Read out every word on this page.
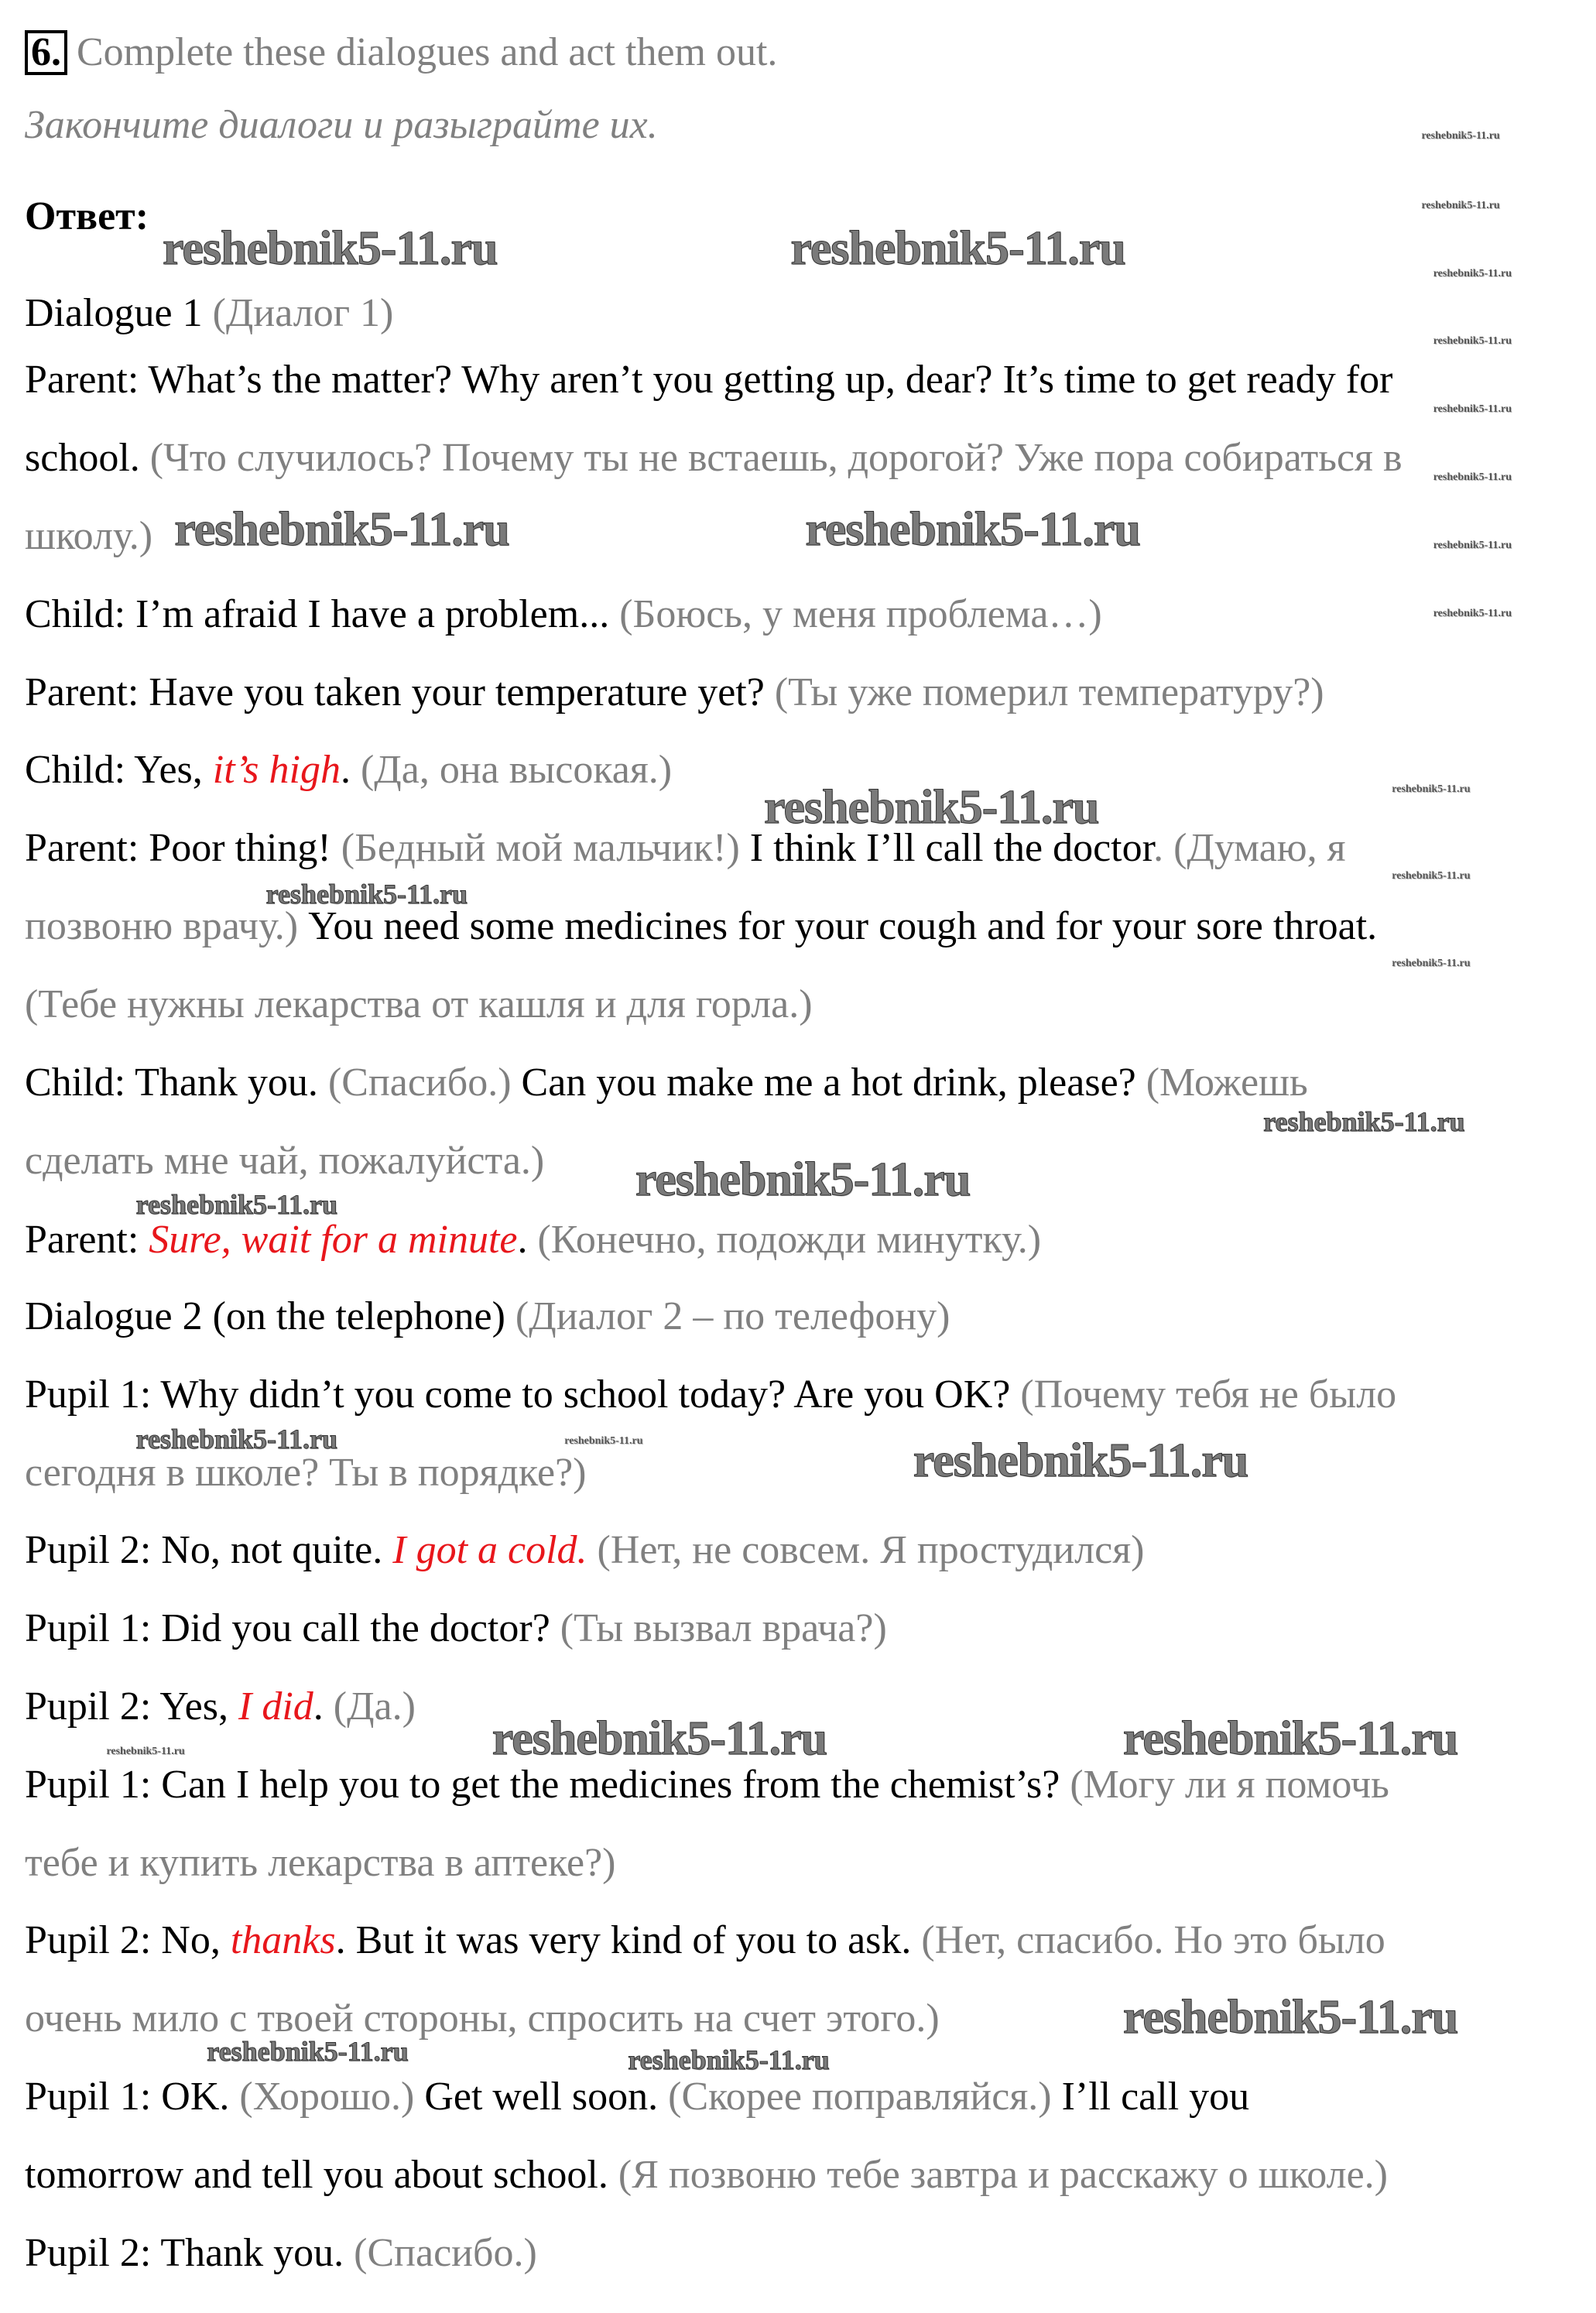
6. Complete these dialogues and act them out.
Закончите диалоги и разыграйте их.
Ответ:
Dialogue 1 (Диалог 1)
Parent: What’s the matter? Why aren’t you getting up, dear? It’s time to get ready for
school. (Что случилось? Почему ты не встаешь, дорогой? Уже пора собираться в
школу.)
Child: I’m afraid I have a problem... (Боюсь, у меня проблема…)
Parent: Have you taken your temperature yet? (Ты уже померил температуру?)
Child: Yes, it’s high. (Да, она высокая.)
Parent: Poor thing! (Бедный мой мальчик!) I think I’ll call the doctor. (Думаю, я
позвоню врачу.) You need some medicines for your cough and for your sore throat.
(Тебе нужны лекарства от кашля и для горла.)
Child: Thank you. (Спасибо.) Can you make me a hot drink, please? (Можешь
сделать мне чай, пожалуйста.)
Parent: Sure, wait for a minute. (Конечно, подожди минутку.)
Dialogue 2 (on the telephone) (Диалог 2 – по телефону)
Pupil 1: Why didn’t you come to school today? Are you OK? (Почему тебя не было
сегодня в школе? Ты в порядке?)
Pupil 2: No, not quite. I got a cold. (Нет, не совсем. Я простудился)
Pupil 1: Did you call the doctor? (Ты вызвал врача?)
Pupil 2: Yes, I did. (Да.)
Pupil 1: Can I help you to get the medicines from the chemist’s? (Могу ли я помочь
тебе и купить лекарства в аптеке?)
Pupil 2: No, thanks. But it was very kind of you to ask. (Нет, спасибо. Но это было
очень мило с твоей стороны, спросить на счет этого.)
Pupil 1: OK. (Хорошо.) Get well soon. (Скорее поправляйся.) I’ll call you
tomorrow and tell you about school. (Я позвоню тебе завтра и расскажу о школе.)
Pupil 2: Thank you. (Спасибо.)
reshebnik5-11.ru	reshebnik5-11.ru
reshebnik5-11.ru	reshebnik5-11.ru
reshebnik5-11.ru
reshebnik5-11.ru
reshebnik5-11.ru
reshebnik5-11.ru	reshebnik5-11.ru
reshebnik5-11.ru
reshebnik5-11.ru
reshebnik5-11.ru
reshebnik5-11.ru
reshebnik5-11.ru
reshebnik5-11.ru	reshebnik5-11.ru
reshebnik5-11.ru
reshebnik5-11.ru
reshebnik5-11.ru
reshebnik5-11.ru
reshebnik5-11.ru
reshebnik5-11.ru
reshebnik5-11.ru
reshebnik5-11.ru
reshebnik5-11.ru
reshebnik5-11.ru
reshebnik5-11.ru
reshebnik5-11.ru
reshebnik5-11.ru
